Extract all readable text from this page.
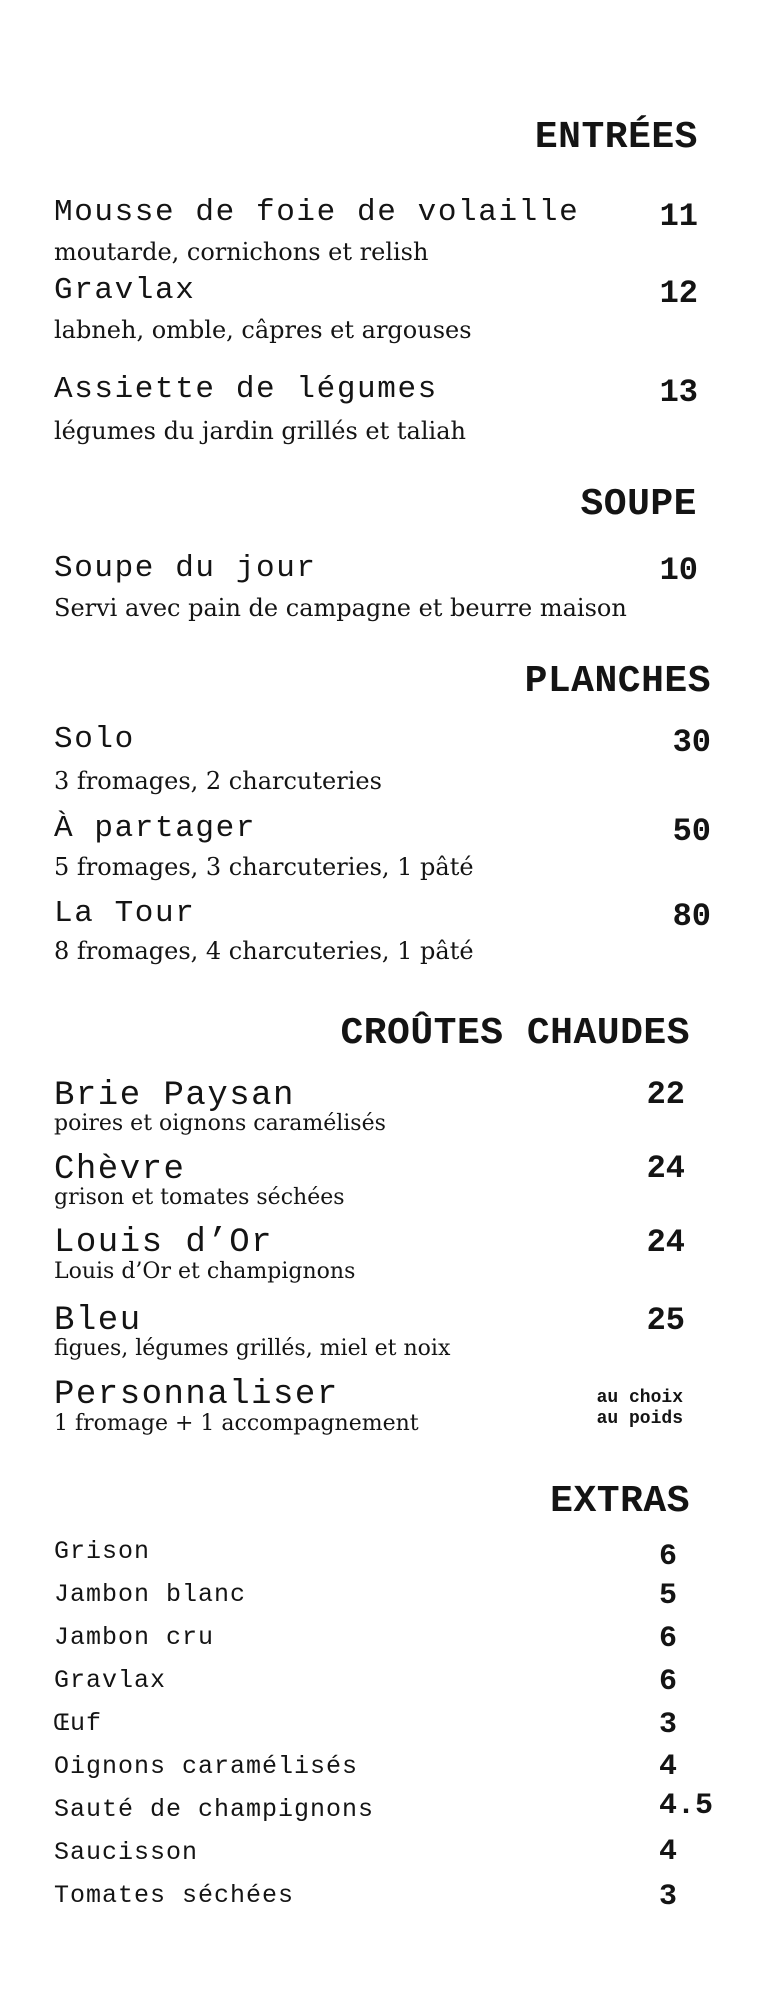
ENTRÉES
Mousse de foie de volaille	11
moutarde, cornichons et relish
Gravlax	12
labneh, omble, câpres et argouses
Assiette de légumes	13
légumes du jardin grillés et taliah
SOUPE
Soupe du jour	10
Servi avec pain de campagne et beurre maison
PLANCHES
Solo	30
3 fromages, 2 charcuteries
À partager	50
5 fromages, 3 charcuteries, 1 pâté
La Tour	80
8 fromages, 4 charcuteries, 1 pâté
CROÛTES CHAUDES
Brie Paysan	22
poires et oignons caramélisés
Chèvre	24
grison et tomates séchées
Louis d’Or	24
Louis d’Or et champignons
Bleu	25
figues, légumes grillés, miel et noix
Personnaliser	au choix
au poids
1 fromage + 1 accompagnement
EXTRAS
Grison	6
Jambon blanc	5
Jambon cru	6
Gravlax	6
Œuf	3
Oignons caramélisés	4
Sauté de champignons	4.5
Saucisson	4
Tomates séchées	3
